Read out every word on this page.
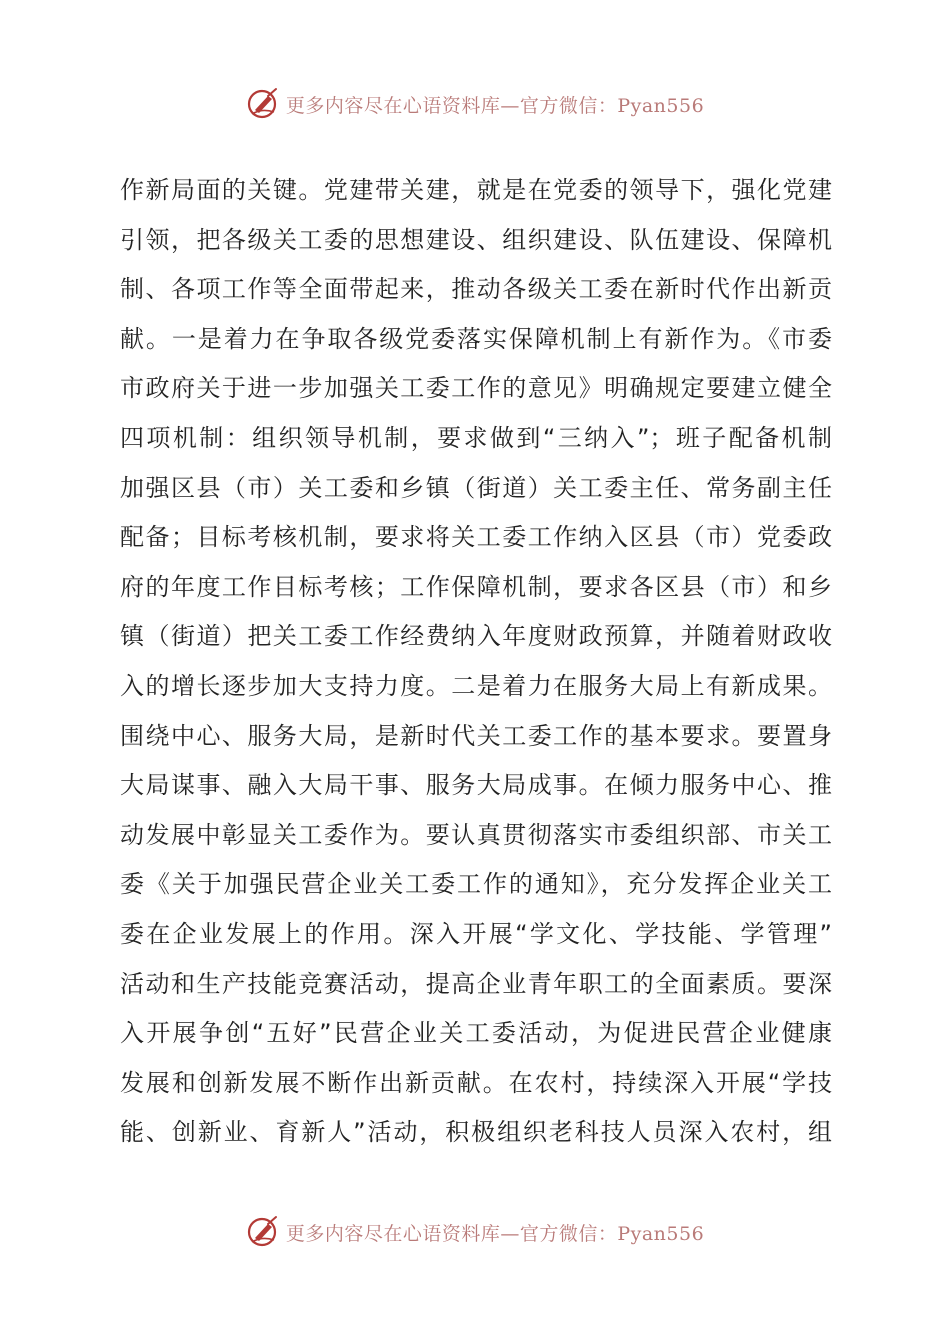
更多内容尽在心语资料库—官方微信：Pyan556
作新局面的关键。党建带关建，就是在党委的领导下，强化党建
引领，把各级关工委的思想建设、组织建设、队伍建设、保障机
制、各项工作等全面带起来，推动各级关工委在新时代作出新贡
献。一是着力在争取各级党委落实保障机制上有新作为。《市委
市政府关于进一步加强关工委工作的意见》明确规定要建立健全
四项机制：组织领导机制，要求做到“三纳入”；班子配备机制
加强区县（市）关工委和乡镇（街道）关工委主任、常务副主任
配备；目标考核机制，要求将关工委工作纳入区县（市）党委政
府的年度工作目标考核；工作保障机制，要求各区县（市）和乡
镇（街道）把关工委工作经费纳入年度财政预算，并随着财政收
入的增长逐步加大支持力度。二是着力在服务大局上有新成果。
围绕中心、服务大局，是新时代关工委工作的基本要求。要置身
大局谋事、融入大局干事、服务大局成事。在倾力服务中心、推
动发展中彰显关工委作为。要认真贯彻落实市委组织部、市关工
委《关于加强民营企业关工委工作的通知》，充分发挥企业关工
委在企业发展上的作用。深入开展“学文化、学技能、学管理”
活动和生产技能竞赛活动，提高企业青年职工的全面素质。要深
入开展争创“五好”民营企业关工委活动，为促进民营企业健康
发展和创新发展不断作出新贡献。在农村，持续深入开展“学技
能、创新业、育新人”活动，积极组织老科技人员深入农村，组
更多内容尽在心语资料库—官方微信：Pyan556
